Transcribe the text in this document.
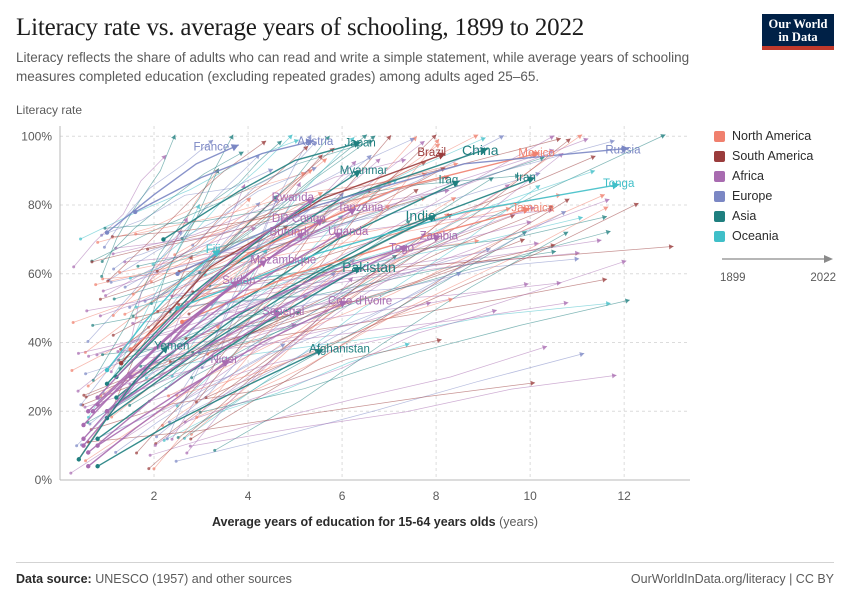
Literacy rate vs. average years of schooling, 1899 to 2022

Literacy reflects the share of adults who can read and write a simple statement, while average years of schooling measures completed education (excluding repeated grades) among adults aged 25–65.

Our World
in Data
Literacy rate
0%
20%
40%
60%
80%
100%
2	4	6	8	10	12
France	Austria Japan
Brazil China Mexico	Russia
Myanmar
Iraq	Iran
Tonga
Rwanda
Tanzania	Jamaica
DR Congo	India
Burundi Uganda	Zambia
Fiji	Togo
Mozambique Pakistan
Sudan
Cote d'Ivoire
Senegal
Yemen	Afghanistan
Niger
Average years of education for 15-64 years olds (years)
North America
South America
Africa
Europe
Asia
Oceania
1899	2022
Data source: UNESCO (1957) and other sources	OurWorldInData.org/literacy | CC BY
